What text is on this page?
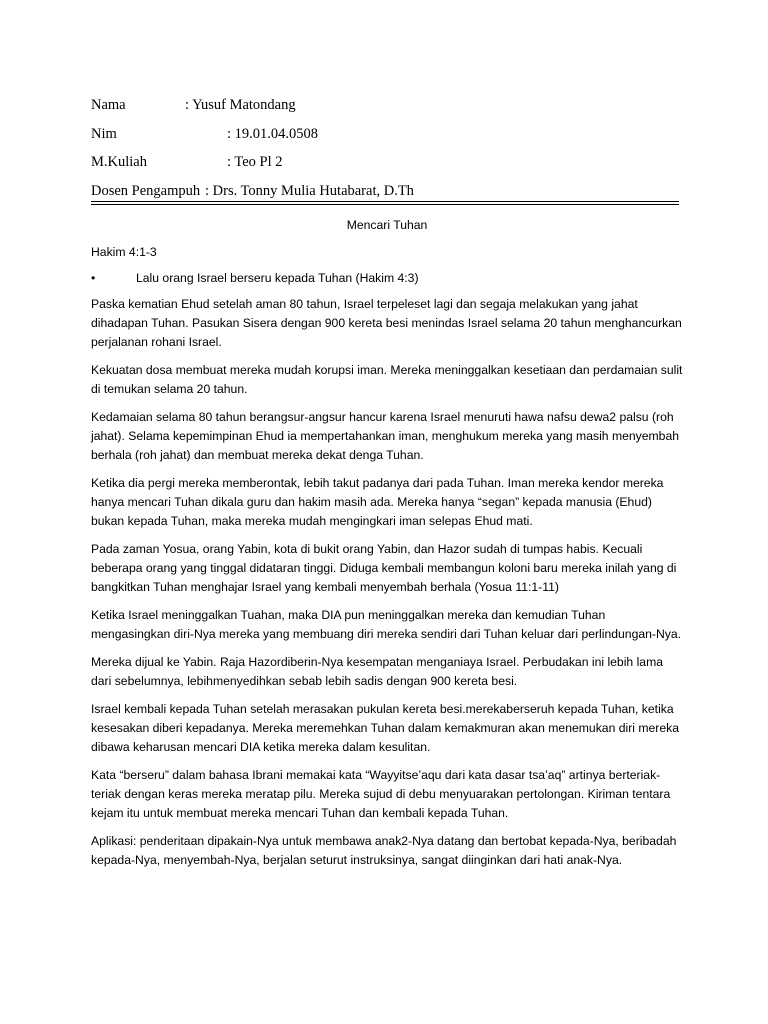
Nama	: Yusuf Matondang
Nim	: 19.01.04.0508
M.Kuliah	: Teo Pl 2
Dosen Pengampuh : Drs. Tonny Mulia Hutabarat, D.Th
Mencari Tuhan
Hakim 4:1-3
•	Lalu orang Israel berseru kepada Tuhan (Hakim 4:3)

Paska kematian Ehud setelah aman 80 tahun, Israel terpeleset lagi dan segaja melakukan yang jahat dihadapan Tuhan. Pasukan Sisera dengan 900 kereta besi menindas Israel selama 20 tahun menghancurkan perjalanan rohani Israel.

Kekuatan dosa membuat mereka mudah korupsi iman. Mereka meninggalkan kesetiaan dan perdamaian sulit di temukan selama 20 tahun.

Kedamaian selama 80 tahun berangsur-angsur hancur karena Israel menuruti hawa nafsu dewa2 palsu (roh jahat). Selama kepemimpinan Ehud ia mempertahankan iman, menghukum mereka yang masih menyembah berhala (roh jahat) dan membuat mereka dekat denga Tuhan.

Ketika dia pergi mereka memberontak, lebih takut padanya dari pada Tuhan. Iman mereka kendor mereka hanya mencari Tuhan dikala guru dan hakim masih ada. Mereka hanya “segan” kepada manusia (Ehud) bukan kepada Tuhan, maka mereka mudah mengingkari iman selepas Ehud mati.

Pada zaman Yosua, orang Yabin, kota di bukit orang Yabin, dan Hazor sudah di tumpas habis. Kecuali beberapa orang yang tinggal didataran tinggi. Diduga kembali membangun koloni baru mereka inilah yang di bangkitkan Tuhan menghajar Israel yang kembali menyembah berhala (Yosua 11:1-11)

Ketika Israel meninggalkan Tuahan, maka DIA pun meninggalkan mereka dan kemudian Tuhan mengasingkan diri-Nya mereka yang membuang diri mereka sendiri dari Tuhan keluar dari perlindungan-Nya.

Mereka dijual ke Yabin. Raja Hazordiberin-Nya kesempatan menganiaya Israel. Perbudakan ini lebih lama dari sebelumnya, lebihmenyedihkan sebab lebih sadis dengan 900 kereta besi.

Israel kembali kepada Tuhan setelah merasakan pukulan kereta besi.merekaberseruh kepada Tuhan, ketika kesesakan diberi kepadanya. Mereka meremehkan Tuhan dalam kemakmuran akan menemukan diri mereka dibawa keharusan mencari DIA ketika mereka dalam kesulitan.

Kata “berseru” dalam bahasa Ibrani memakai kata “Wayyitse’aqu dari kata dasar tsa’aq” artinya berteriak-teriak dengan keras mereka meratap pilu. Mereka sujud di debu menyuarakan pertolongan. Kiriman tentara kejam itu untuk membuat mereka mencari Tuhan dan kembali kepada Tuhan.

Aplikasi: penderitaan dipakain-Nya untuk membawa anak2-Nya datang dan bertobat kepada-Nya, beribadah kepada-Nya, menyembah-Nya, berjalan seturut instruksinya, sangat diinginkan dari hati anak-Nya.
